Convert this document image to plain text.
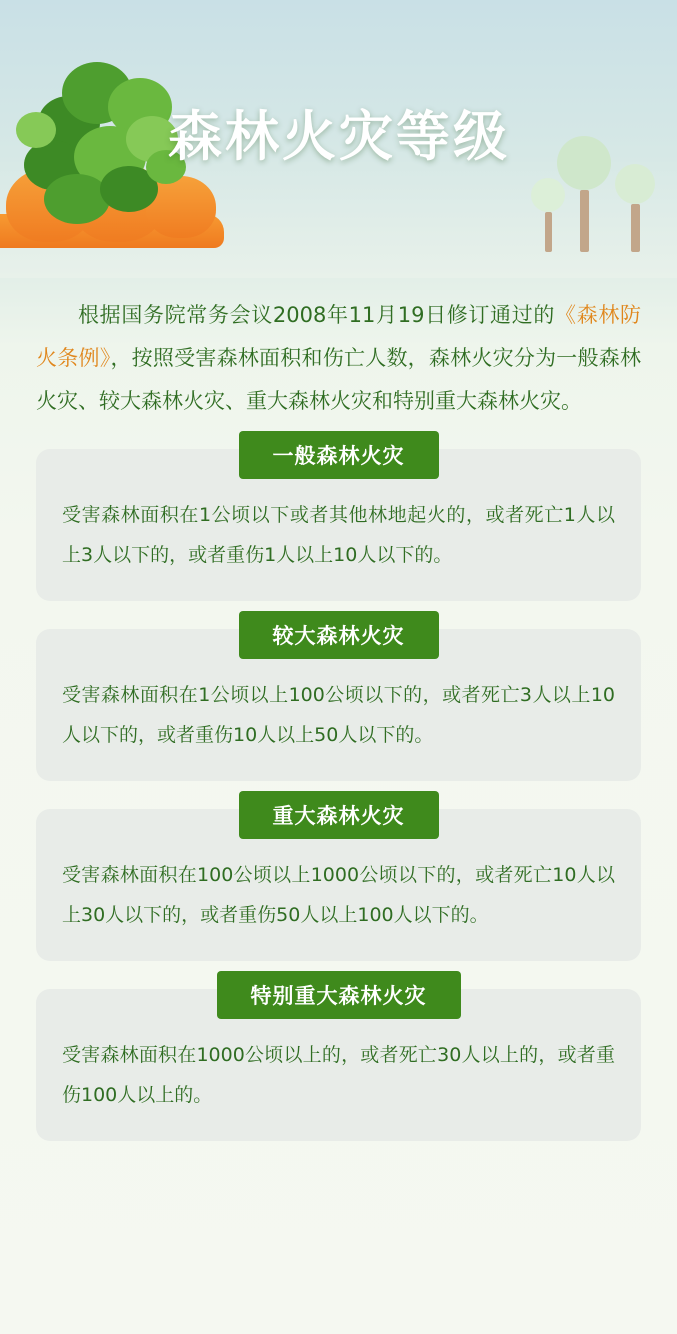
森林火灾等级

根据国务院常务会议2008年11月19日修订通过的《森林防火条例》，按照受害森林面积和伤亡人数，森林火灾分为一般森林火灾、较大森林火灾、重大森林火灾和特别重大森林火灾。

一般森林火灾
受害森林面积在1公顷以下或者其他林地起火的，或者死亡1人以上3人以下的，或者重伤1人以上10人以下的。
较大森林火灾
受害森林面积在1公顷以上100公顷以下的，或者死亡3人以上10人以下的，或者重伤10人以上50人以下的。
重大森林火灾
受害森林面积在100公顷以上1000公顷以下的，或者死亡10人以上30人以下的，或者重伤50人以上100人以下的。
特别重大森林火灾
受害森林面积在1000公顷以上的，或者死亡30人以上的，或者重伤100人以上的。
